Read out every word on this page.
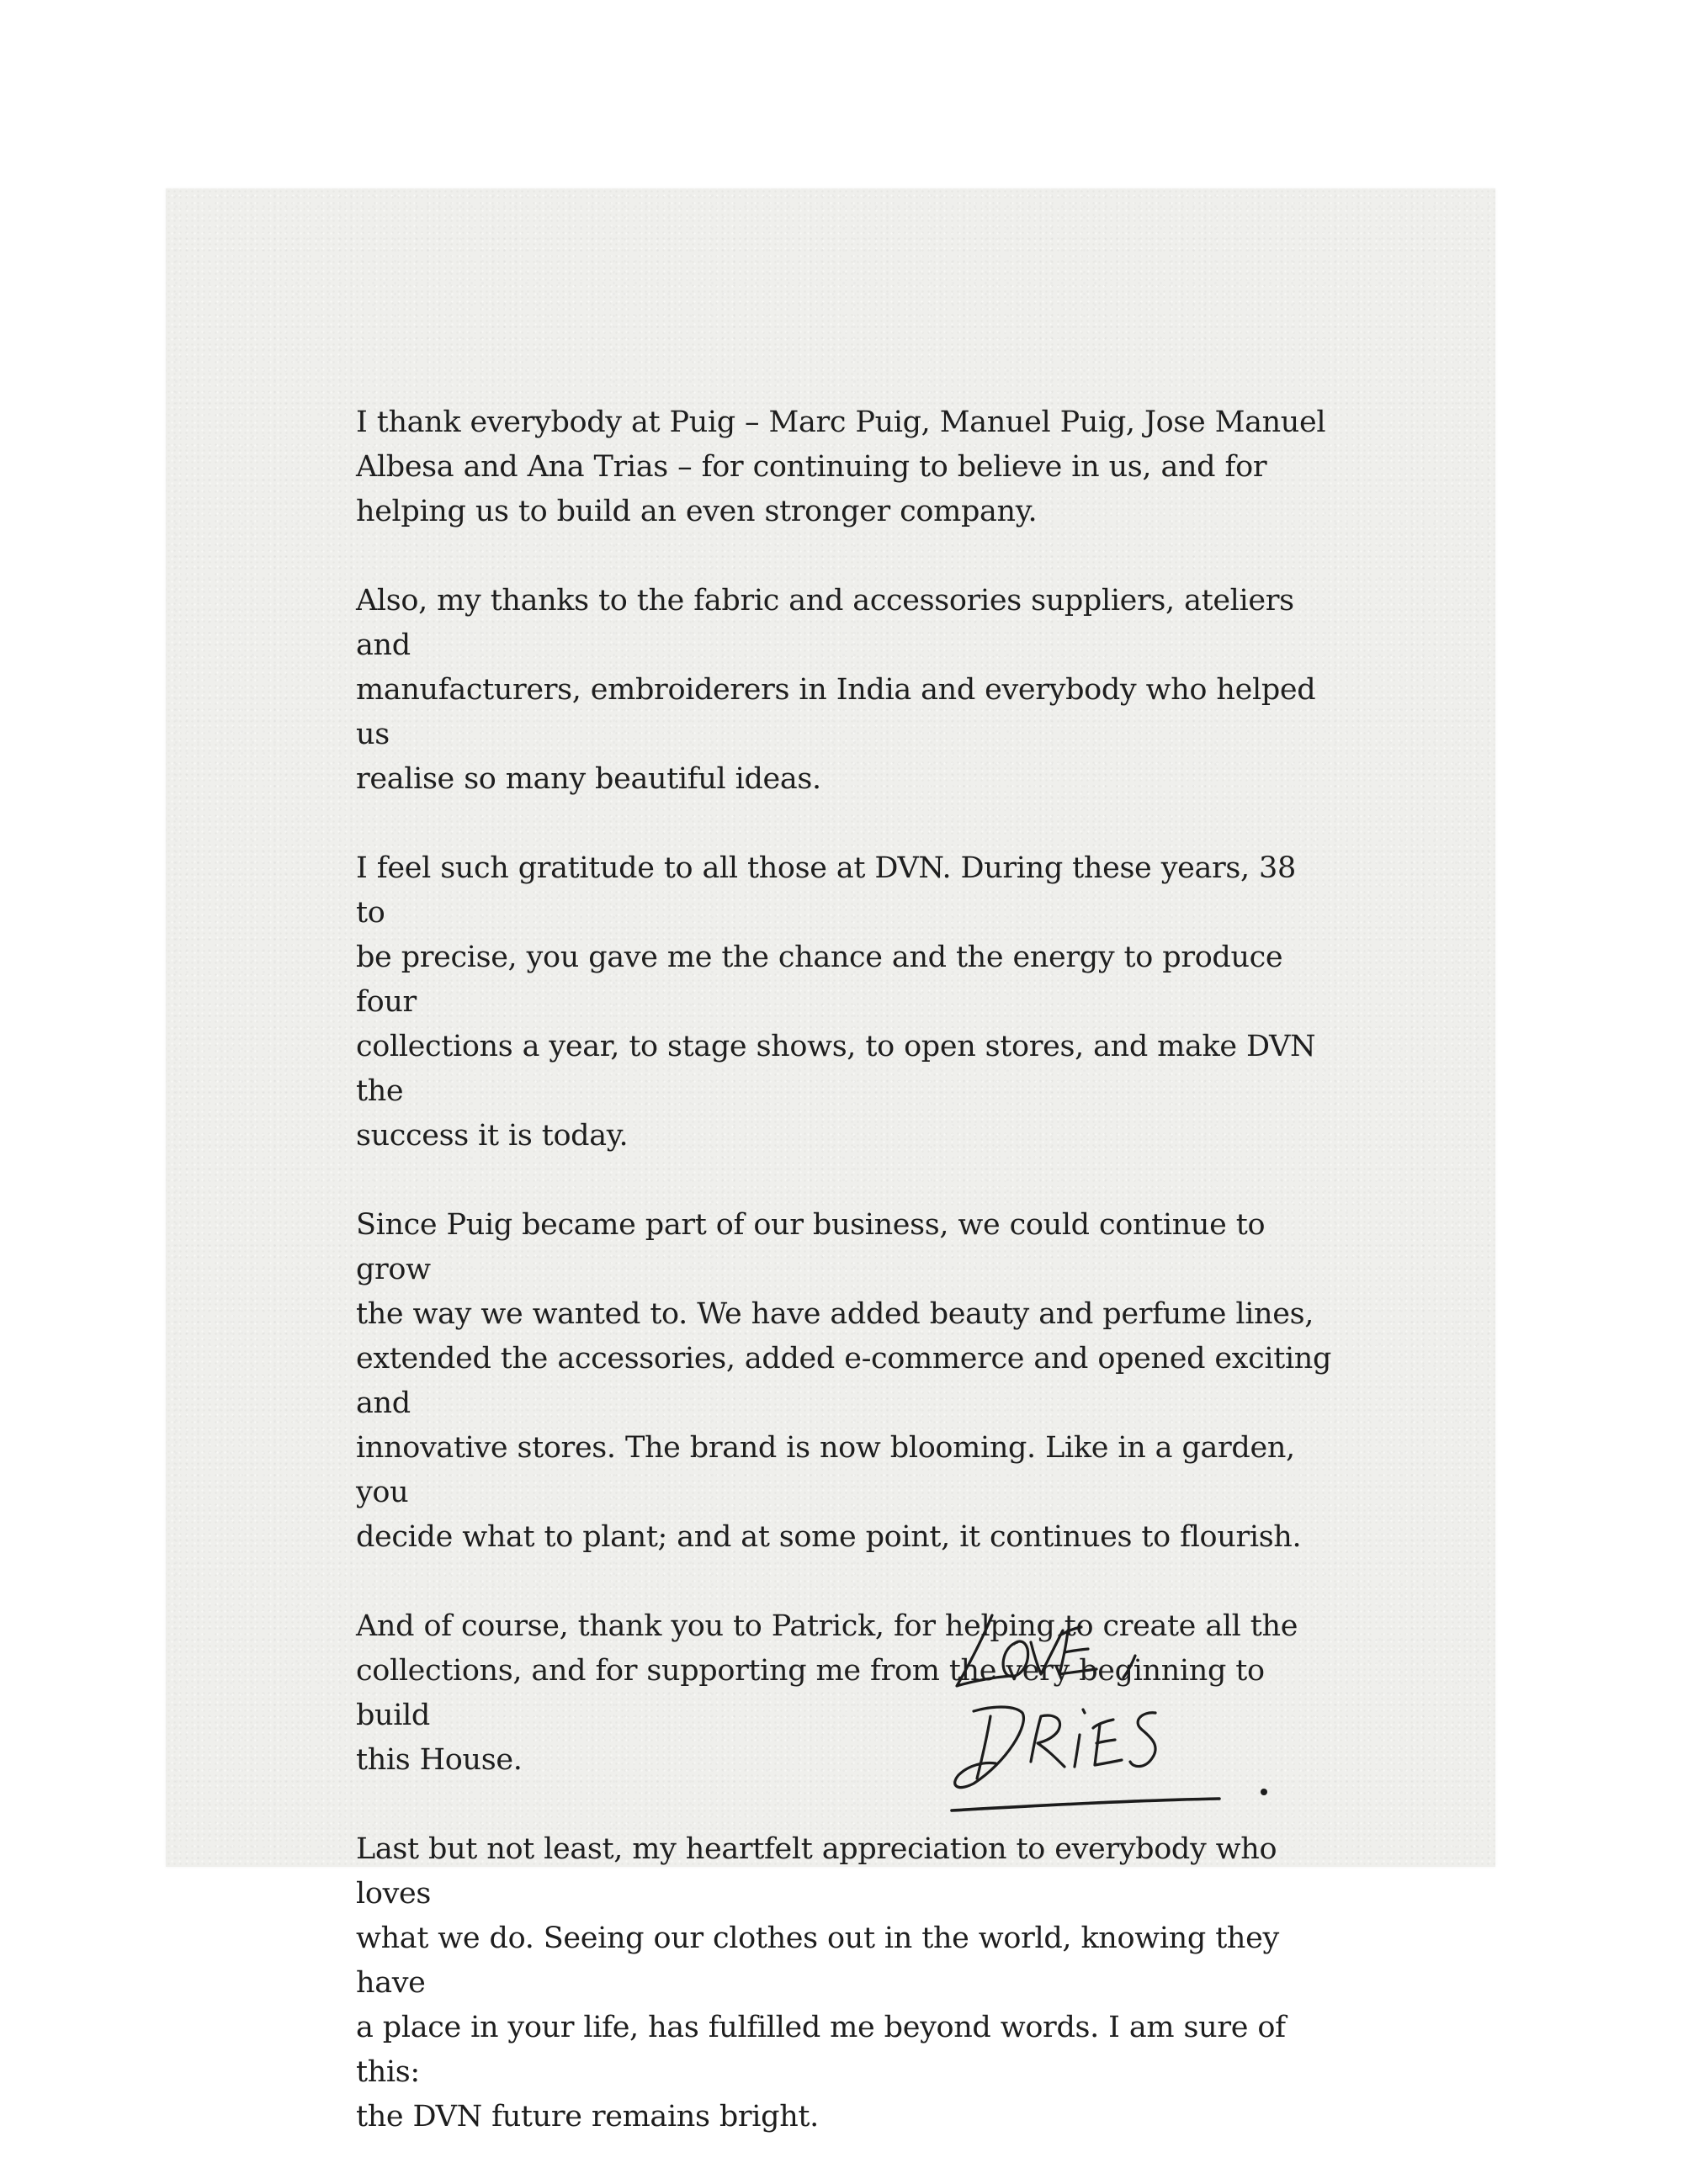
I thank everybody at Puig – Marc Puig, Manuel Puig, Jose Manuel
Albesa and Ana Trias – for continuing to believe in us, and for
helping us to build an even stronger company.

Also, my thanks to the fabric and accessories suppliers, ateliers and
manufacturers, embroiderers in India and everybody who helped us
realise so many beautiful ideas.

I feel such gratitude to all those at DVN. During these years, 38 to
be precise, you gave me the chance and the energy to produce four
collections a year, to stage shows, to open stores, and make DVN the
success it is today.

Since Puig became part of our business, we could continue to grow
the way we wanted to. We have added beauty and perfume lines,
extended the accessories, added e-commerce and opened exciting and
innovative stores. The brand is now blooming. Like in a garden, you
decide what to plant; and at some point, it continues to flourish.

And of course, thank you to Patrick, for helping to create all the
collections, and for supporting me from the very beginning to build
this House.

Last but not least, my heartfelt appreciation to everybody who loves
what we do. Seeing our clothes out in the world, knowing they have
a place in your life, has fulfilled me beyond words. I am sure of this:
the DVN future remains bright.
